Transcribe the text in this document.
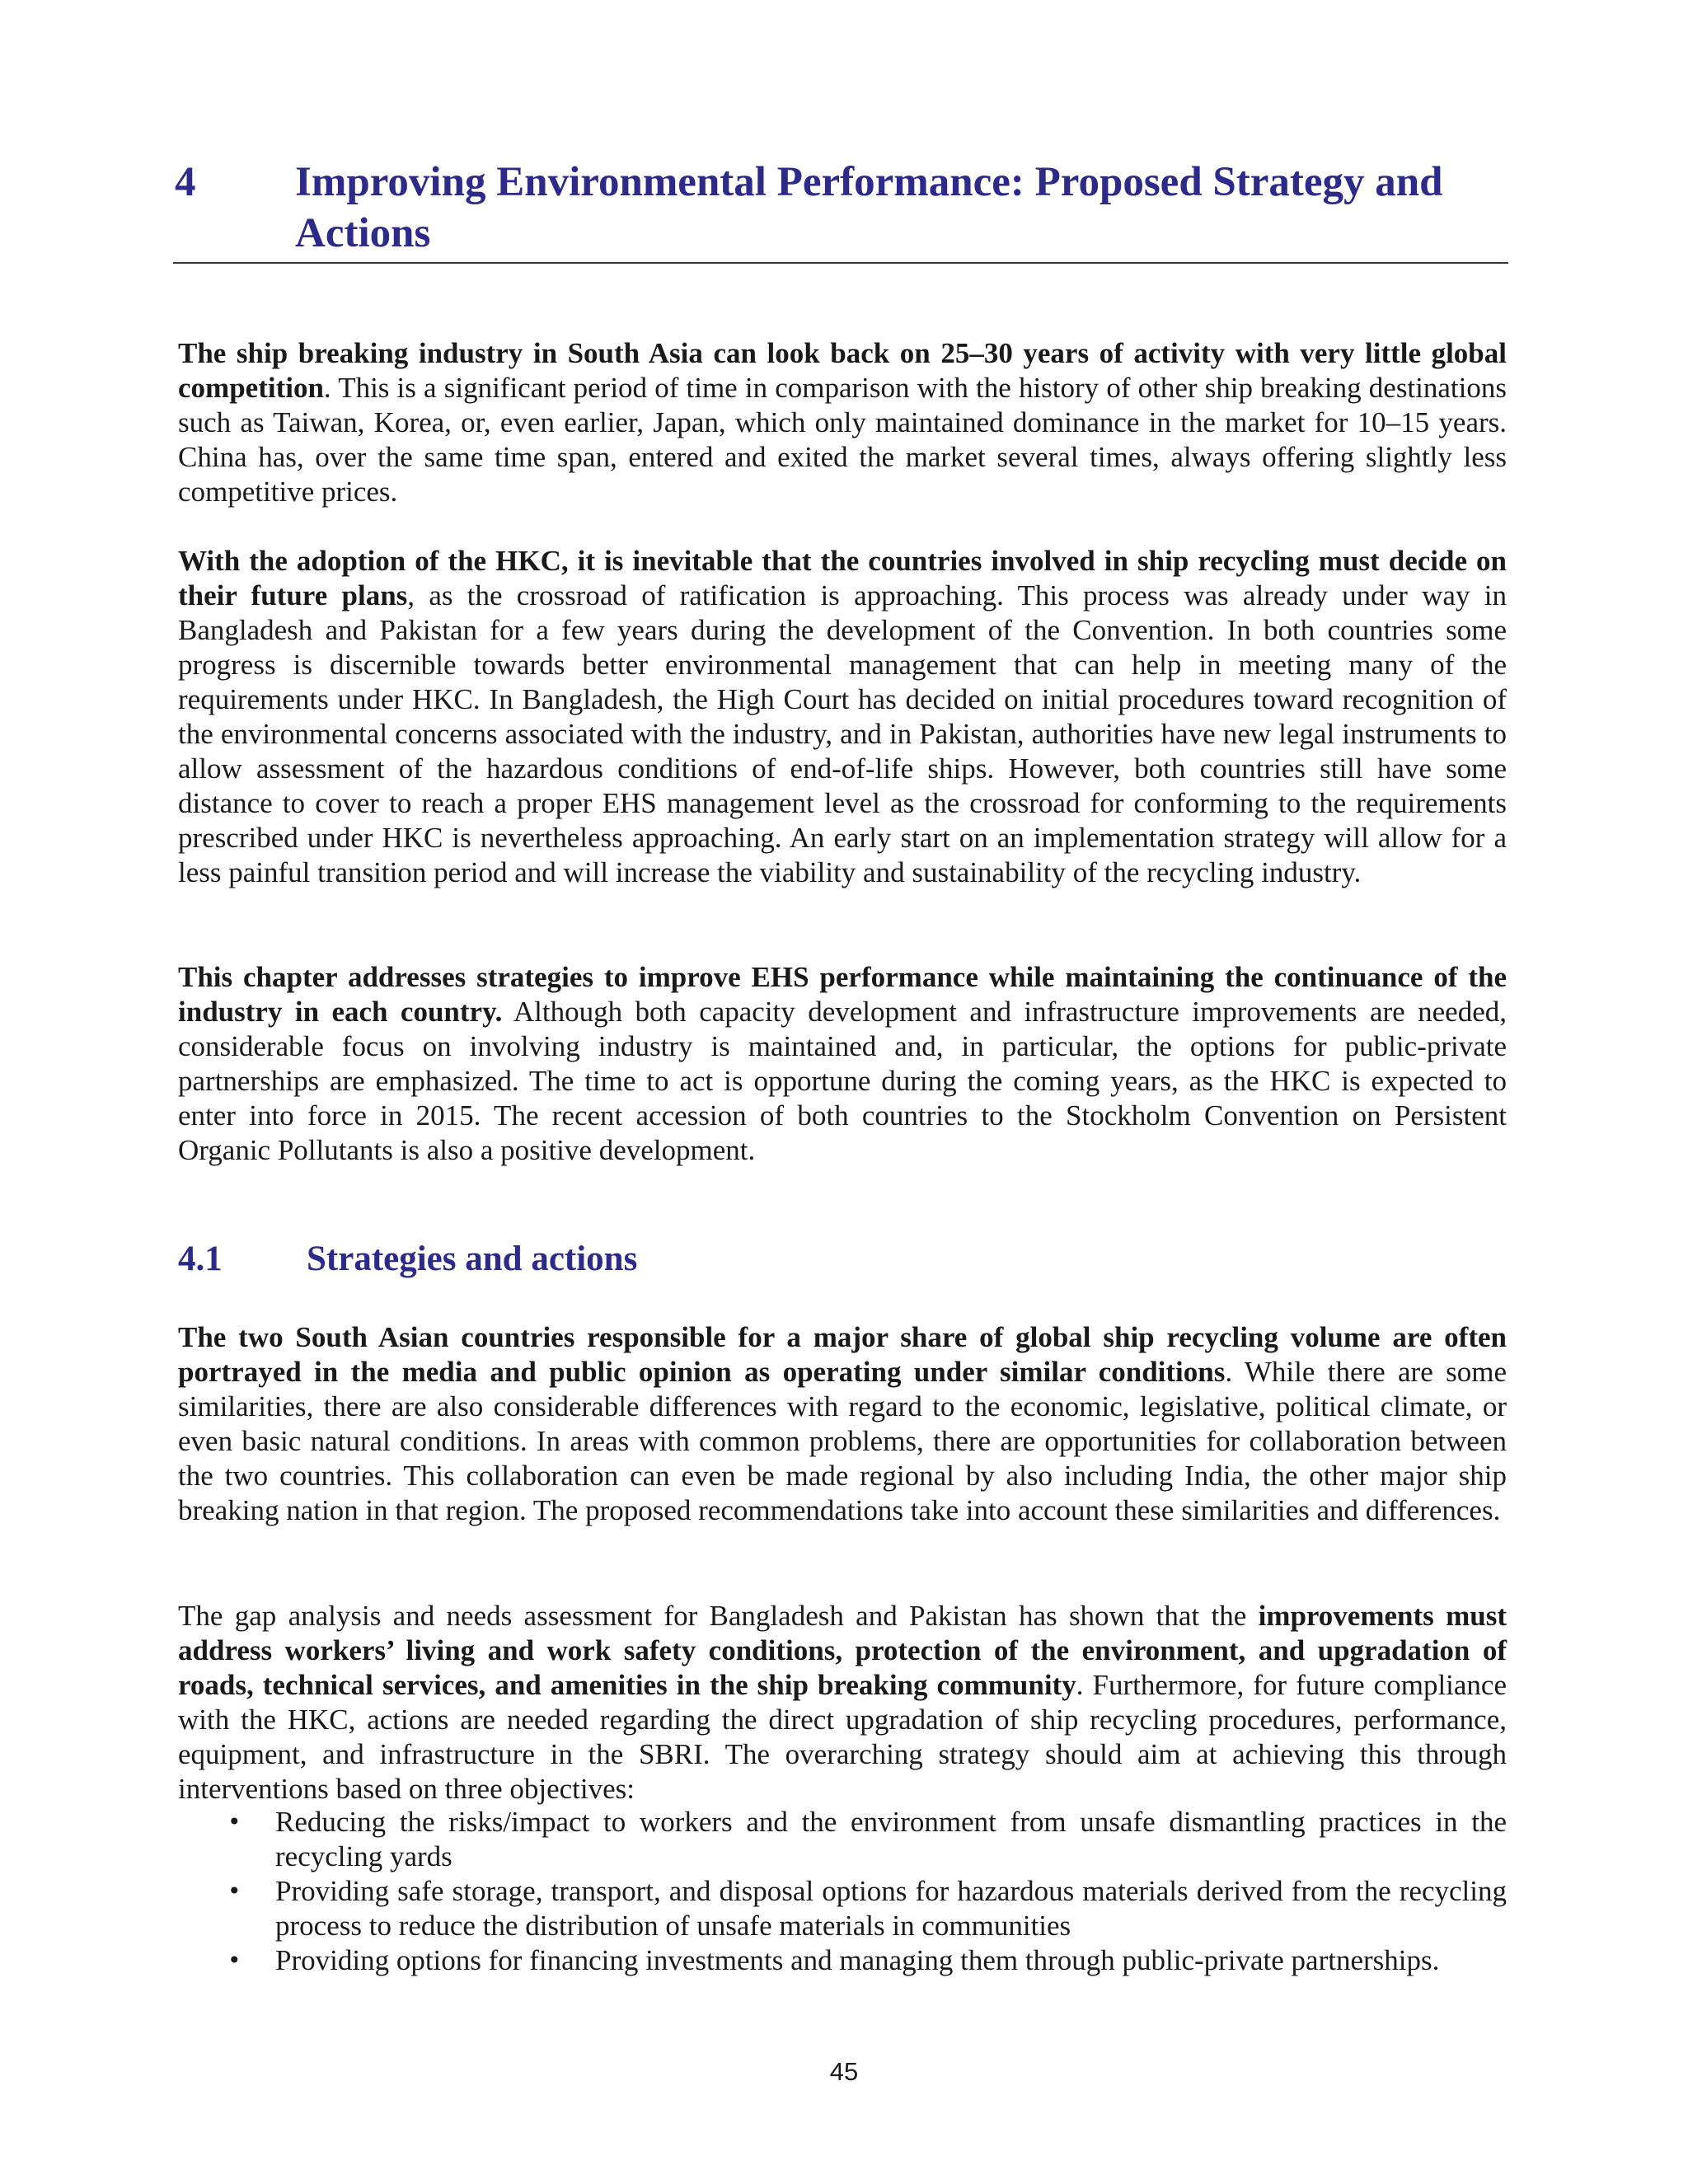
4	Improving Environmental Performance: Proposed Strategy and Actions

The ship breaking industry in South Asia can look back on 25–30 years of activity with very little global competition. This is a significant period of time in comparison with the history of other ship breaking destinations such as Taiwan, Korea, or, even earlier, Japan, which only maintained dominance in the market for 10–15 years. China has, over the same time span, entered and exited the market several times, always offering slightly less competitive prices.

With the adoption of the HKC, it is inevitable that the countries involved in ship recycling must decide on their future plans, as the crossroad of ratification is approaching. This process was already under way in Bangladesh and Pakistan for a few years during the development of the Convention. In both countries some progress is discernible towards better environmental management that can help in meeting many of the requirements under HKC. In Bangladesh, the High Court has decided on initial procedures toward recognition of the environmental concerns associated with the industry, and in Pakistan, authorities have new legal instruments to allow assessment of the hazardous conditions of end-of-life ships. However, both countries still have some distance to cover to reach a proper EHS management level as the crossroad for conforming to the requirements prescribed under HKC is nevertheless approaching. An early start on an implementation strategy will allow for a less painful transition period and will increase the viability and sustainability of the recycling industry.

This chapter addresses strategies to improve EHS performance while maintaining the continuance of the industry in each country. Although both capacity development and infrastructure improvements are needed, considerable focus on involving industry is maintained and, in particular, the options for public-private partnerships are emphasized. The time to act is opportune during the coming years, as the HKC is expected to enter into force in 2015. The recent accession of both countries to the Stockholm Convention on Persistent Organic Pollutants is also a positive development.

4.1	Strategies and actions

The two South Asian countries responsible for a major share of global ship recycling volume are often portrayed in the media and public opinion as operating under similar conditions. While there are some similarities, there are also considerable differences with regard to the economic, legislative, political climate, or even basic natural conditions. In areas with common problems, there are opportunities for collaboration between the two countries. This collaboration can even be made regional by also including India, the other major ship breaking nation in that region. The proposed recommendations take into account these similarities and differences.

The gap analysis and needs assessment for Bangladesh and Pakistan has shown that the improvements must address workers’ living and work safety conditions, protection of the environment, and upgradation of roads, technical services, and amenities in the ship breaking community. Furthermore, for future compliance with the HKC, actions are needed regarding the direct upgradation of ship recycling procedures, performance, equipment, and infrastructure in the SBRI. The overarching strategy should aim at achieving this through interventions based on three objectives:

• Reducing the risks/impact to workers and the environment from unsafe dismantling practices in the recycling yards
• Providing safe storage, transport, and disposal options for hazardous materials derived from the recycling process to reduce the distribution of unsafe materials in communities
• Providing options for financing investments and managing them through public-private partnerships.
45
